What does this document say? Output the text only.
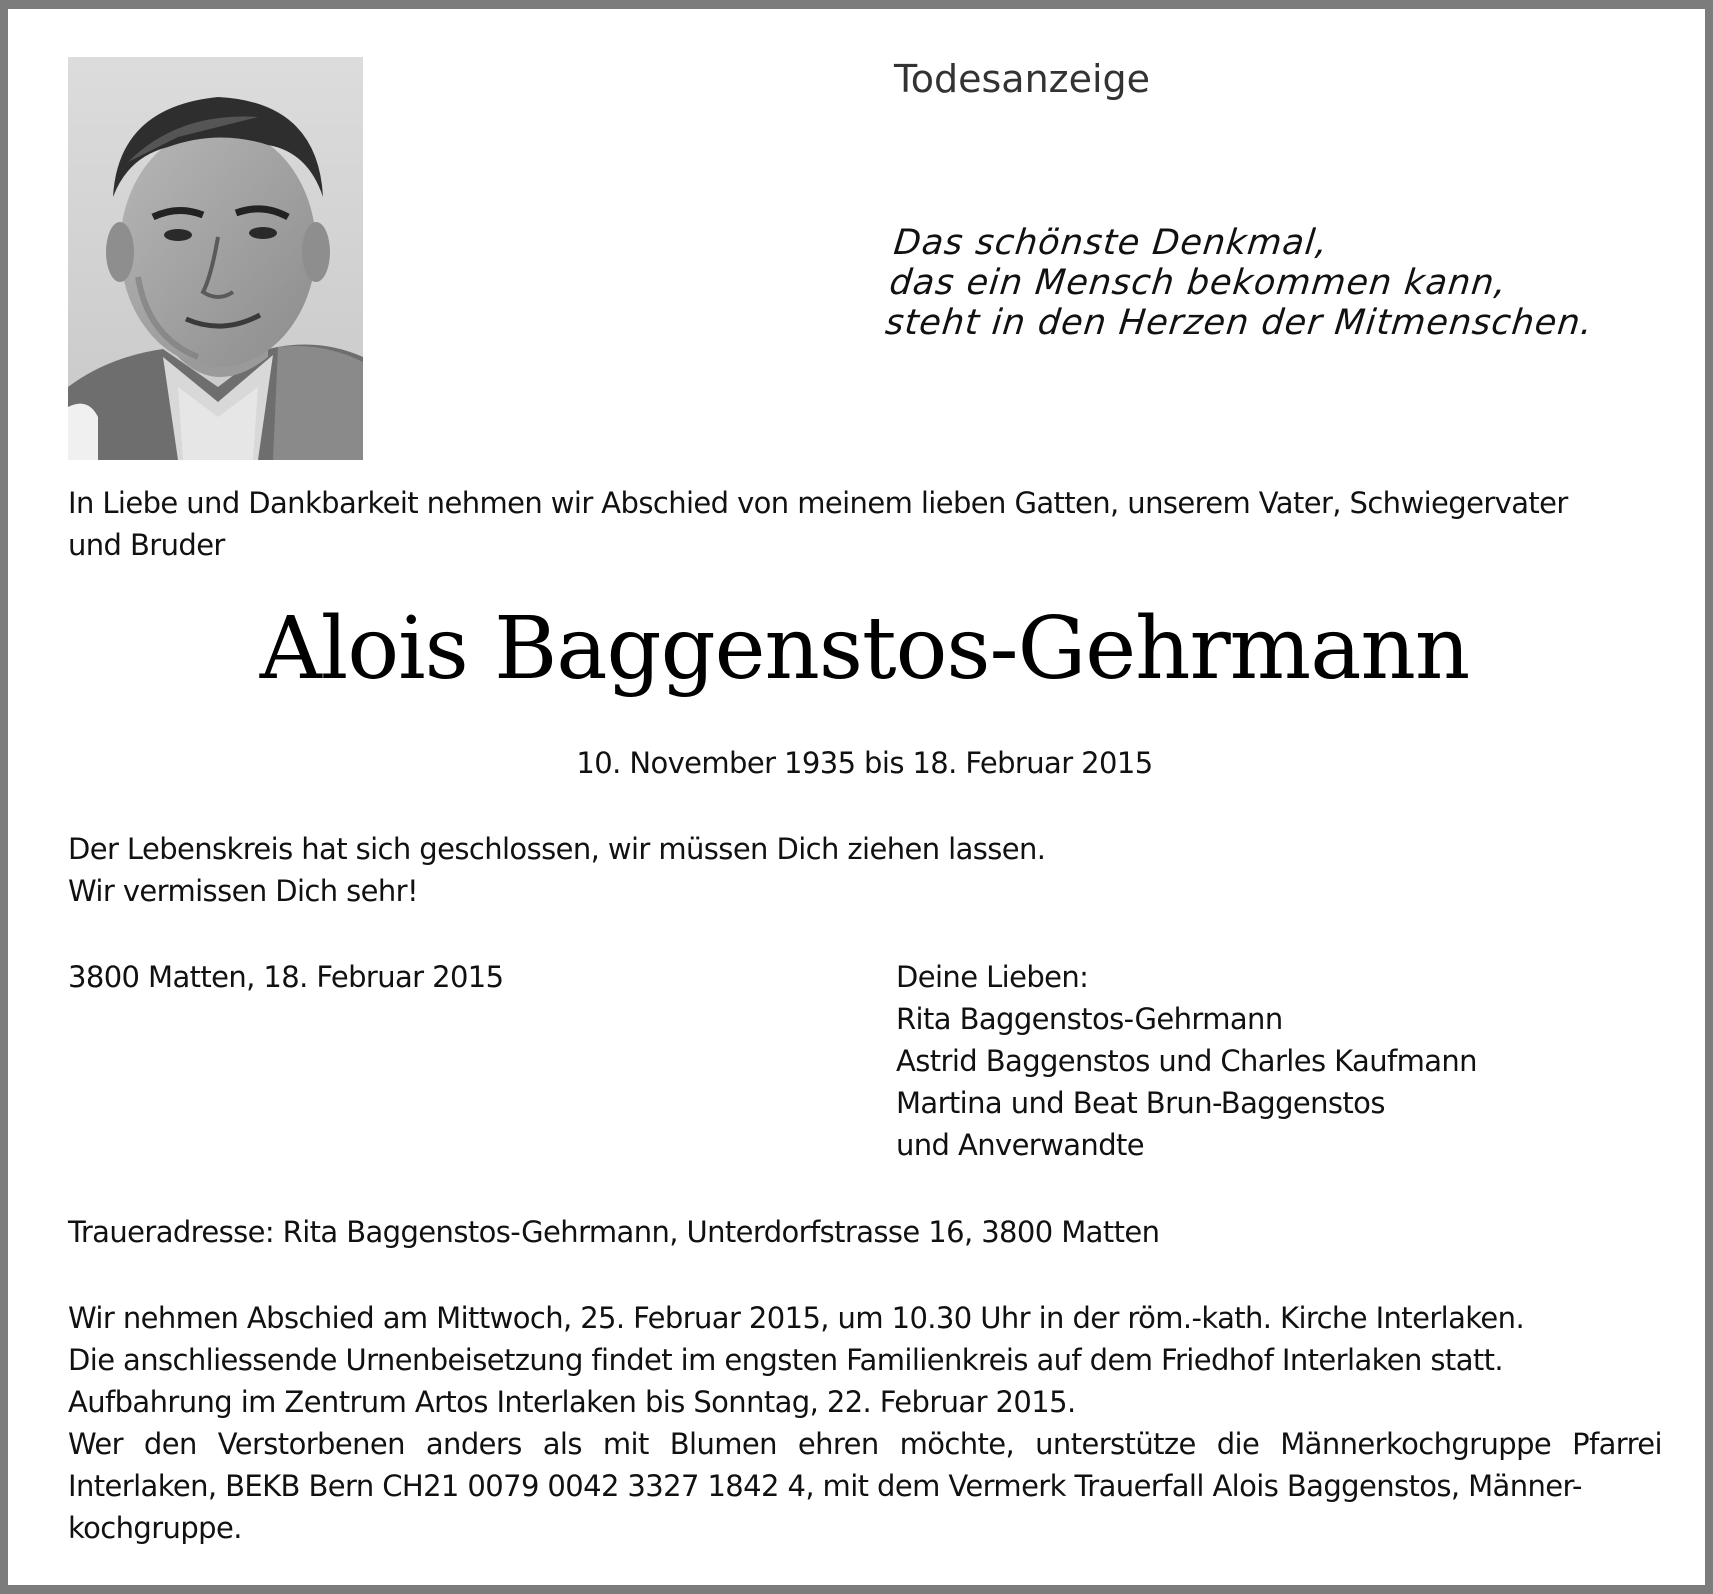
Todesanzeige
Das schönste Denkmal,
das ein Mensch bekommen kann,
steht in den Herzen der Mitmenschen.
In Liebe und Dankbarkeit nehmen wir Abschied von meinem lieben Gatten, unserem Vater, Schwiegervater
und Bruder
Alois Baggenstos-Gehrmann
10. November 1935 bis 18. Februar 2015
Der Lebenskreis hat sich geschlossen, wir müssen Dich ziehen lassen.
Wir vermissen Dich sehr!
3800 Matten, 18. Februar 2015	Deine Lieben:
Rita Baggenstos-Gehrmann
Astrid Baggenstos und Charles Kaufmann
Martina und Beat Brun-Baggenstos
und Anverwandte
Traueradresse: Rita Baggenstos-Gehrmann, Unterdorfstrasse 16, 3800 Matten
Wir nehmen Abschied am Mittwoch, 25. Februar 2015, um 10.30 Uhr in der röm.-kath. Kirche Interlaken.
Die anschliessende Urnenbeisetzung findet im engsten Familienkreis auf dem Friedhof Interlaken statt.
Aufbahrung im Zentrum Artos Interlaken bis Sonntag, 22. Februar 2015.
Wer den Verstorbenen anders als mit Blumen ehren möchte, unterstütze die Männerkochgruppe Pfarrei
Interlaken, BEKB Bern CH21 0079 0042 3327 1842 4, mit dem Vermerk Trauerfall Alois Baggenstos, Männer-
kochgruppe.
